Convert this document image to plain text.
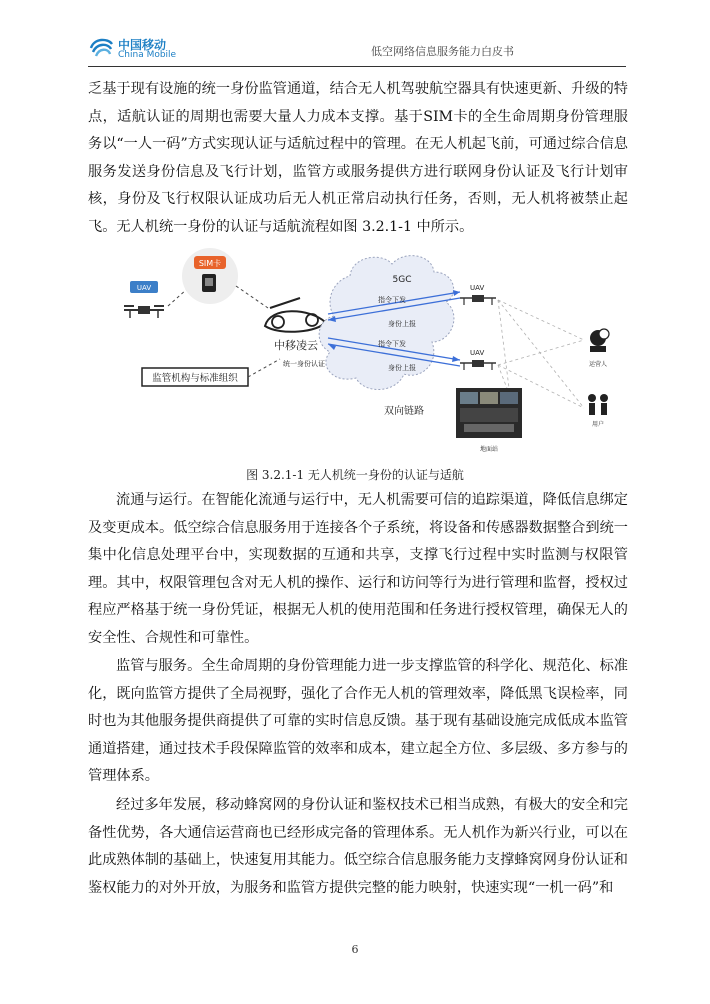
中国移动
China Mobile	低空网络信息服务能力白皮书

乏基于现有设施的统一身份监管通道，结合无人机驾驶航空器具有快速更新、升级的特点，适航认证的周期也需要大量人力成本支撑。基于SIM卡的全生命周期身份管理服务以“一人一码”方式实现认证与适航过程中的管理。在无人机起飞前，可通过综合信息服务发送身份信息及飞行计划，监管方或服务提供方进行联网身份认证及飞行计划审核，身份及飞行权限认证成功后无人机正常启动执行任务，否则，无人机将被禁止起飞。无人机统一身份的认证与适航流程如图 3.2.1-1 中所示。

SIM卡
UAV
中移凌云
统一身份认证
监管机构与标准组织
5GC
指令下发
身份上报
指令下发
身份上报
UAV
UAV
运营人
用户
双向链路
地面站
图 3.2.1-1 无人机统一身份的认证与适航

流通与运行。在智能化流通与运行中，无人机需要可信的追踪渠道，降低信息绑定及变更成本。低空综合信息服务用于连接各个子系统，将设备和传感器数据整合到统一集中化信息处理平台中，实现数据的互通和共享，支撑飞行过程中实时监测与权限管理。其中，权限管理包含对无人机的操作、运行和访问等行为进行管理和监督，授权过程应严格基于统一身份凭证，根据无人机的使用范围和任务进行授权管理，确保无人的安全性、合规性和可靠性。

监管与服务。全生命周期的身份管理能力进一步支撑监管的科学化、规范化、标准化，既向监管方提供了全局视野，强化了合作无人机的管理效率，降低黑飞误检率，同时也为其他服务提供商提供了可靠的实时信息反馈。基于现有基础设施完成低成本监管通道搭建，通过技术手段保障监管的效率和成本，建立起全方位、多层级、多方参与的管理体系。

经过多年发展，移动蜂窝网的身份认证和鉴权技术已相当成熟，有极大的安全和完备性优势，各大通信运营商也已经形成完备的管理体系。无人机作为新兴行业，可以在此成熟体制的基础上，快速复用其能力。低空综合信息服务能力支撑蜂窝网身份认证和鉴权能力的对外开放，为服务和监管方提供完整的能力映射，快速实现“一机一码”和

6
